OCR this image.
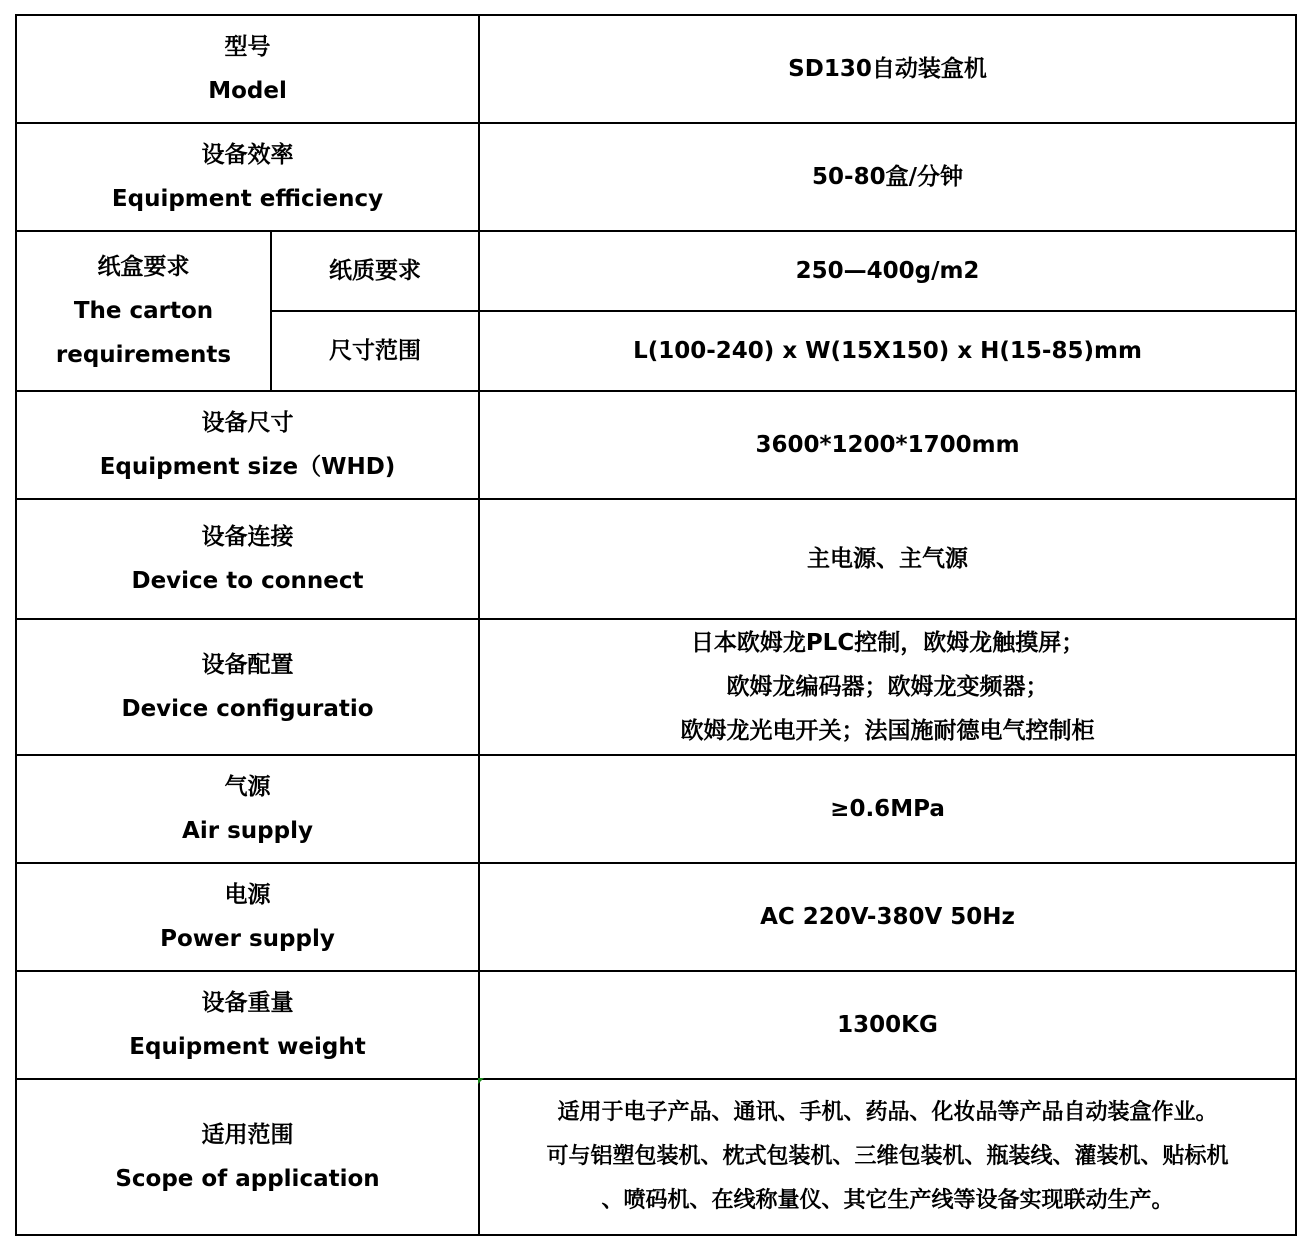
型号
Model		SD130自动装盒机

设备效率
Equipment efficiency		50-80盒/分钟

纸盒要求
The carton
requirements	纸质要求	250—400g/m2
	尺寸范围	L(100-240) x W(15X150) x H(15-85)mm

设备尺寸
Equipment size（WHD)		3600*1200*1700mm

设备连接
Device to connect		主电源、主气源

设备配置
Device configuratio		日本欧姆龙PLC控制，欧姆龙触摸屏；
欧姆龙编码器；欧姆龙变频器；
欧姆龙光电开关；法国施耐德电气控制柜

气源
Air supply		≥0.6MPa

电源
Power supply		AC 220V-380V 50Hz

设备重量
Equipment weight		1300KG

适用范围
Scope of application		适用于电子产品、通讯、手机、药品、化妆品等产品自动装盒作业。
可与铝塑包装机、枕式包装机、三维包装机、瓶装线、灌装机、贴标机
、喷码机、在线称量仪、其它生产线等设备实现联动生产。
